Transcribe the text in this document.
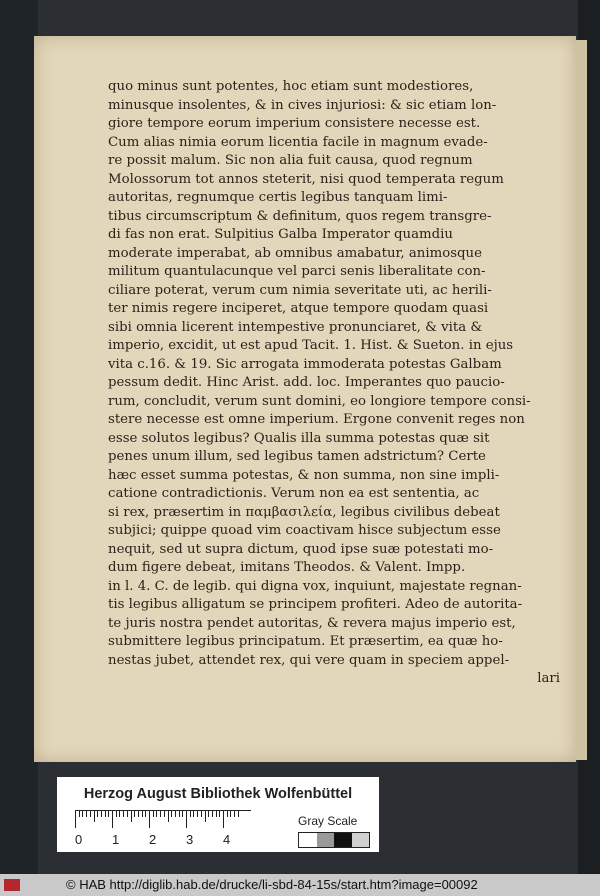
quo minus sunt potentes, hoc etiam sunt modestiores,
minusque insolentes, & in cives injuriosi: & sic etiam lon-
giore tempore eorum imperium consistere necesse est.
Cum alias nimia eorum licentia facile in magnum evade-
re possit malum. Sic non alia fuit causa, quod regnum
Molossorum tot annos steterit, nisi quod temperata regum
autoritas, regnumque certis legibus tanquam limi-
tibus circumscriptum & definitum, quos regem transgre-
di fas non erat. Sulpitius Galba Imperator quamdiu
moderate imperabat, ab omnibus amabatur, animosque
militum quantulacunque vel parci senis liberalitate con-
ciliare poterat, verum cum nimia severitate uti, ac herili-
ter nimis regere inciperet, atque tempore quodam quasi
sibi omnia licerent intempestive pronunciaret, & vita &
imperio, excidit, ut est apud Tacit. 1. Hist. & Sueton. in ejus
vita c.16. & 19. Sic arrogata immoderata potestas Galbam
pessum dedit. Hinc Arist. add. loc. Imperantes quo paucio-
rum, concludit, verum sunt domini, eo longiore tempore consi-
stere necesse est omne imperium. Ergone convenit reges non
esse solutos legibus? Qualis illa summa potestas quæ sit
penes unum illum, sed legibus tamen adstrictum? Certe
hæc esset summa potestas, & non summa, non sine impli-
catione contradictionis. Verum non ea est sententia, ac
si rex, præsertim in παμβασιλεία, legibus civilibus debeat
subjici; quippe quoad vim coactivam hisce subjectum esse
nequit, sed ut supra dictum, quod ipse suæ potestati mo-
dum figere debeat, imitans Theodos. & Valent. Impp.
in l. 4. C. de legib. qui digna vox, inquiunt, majestate regnan-
tis legibus alligatum se principem profiteri. Adeo de autorita-
te juris nostra pendet autoritas, & revera majus imperio est,
submittere legibus principatum. Et præsertim, ea quæ ho-
nestas jubet, attendet rex, qui vere quam in speciem appel-
lari
Herzog August Bibliothek Wolfenbüttel
0 1 2 3 4
Gray Scale
© HAB http://diglib.hab.de/drucke/li-sbd-84-15s/start.htm?image=00092
